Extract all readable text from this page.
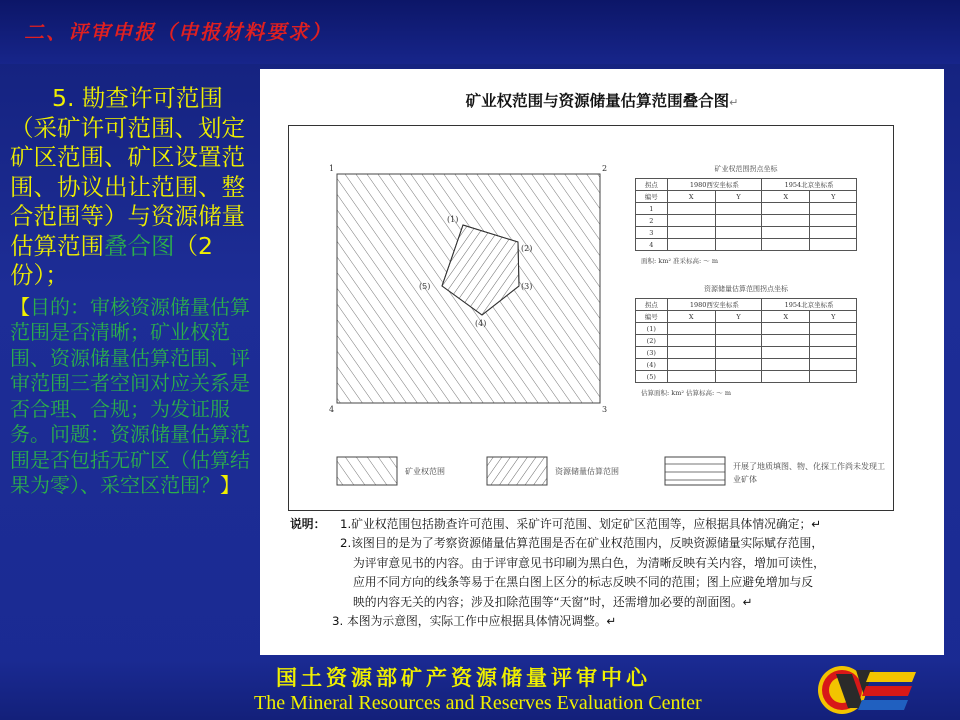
二、评审申报（申报材料要求）
5. 勘查许可范围（采矿许可范围、划定矿区范围、矿区设置范围、协议出让范围、整合范围等）与资源储量估算范围叠合图（2份）；
【目的：审核资源储量估算范围是否清晰；矿业权范围、资源储量估算范围、评审范围三者空间对应关系是否合理、合规；为发证服务。问题：资源储量估算范围是否包括无矿区（估算结果为零）、采空区范围？】
矿业权范围与资源储量估算范围叠合图↵
1	2
3
4
(1)
(2)
(3)
(4)
(5)
矿业权范围拐点坐标
拐点	1980西安坐标系		1954北京坐标系	
编号	X	Y	X	Y
1				
2				
3				
4				
面积: km² 准采标高: ～ m
资源储量估算范围拐点坐标
拐点	1980西安坐标系		1954北京坐标系	
编号	X	Y	X	Y
(1)				
(2)				
(3)				
(4)				
(5)				
估算面积: km² 估算标高: ～ m
矿业权范围	资源储量估算范围
开展了地质填图、物、化探工作尚未发现工业矿体
说明： 1.矿业权范围包括勘查许可范围、采矿许可范围、划定矿区范围等，应根据具体情况确定；↵
2.该图目的是为了考察资源储量估算范围是否在矿业权范围内，反映资源储量实际赋存范围，
为评审意见书的内容。由于评审意见书印刷为黑白色，为清晰反映有关内容，增加可读性，
应用不同方向的线条等易于在黑白图上区分的标志反映不同的范围；图上应避免增加与反
映的内容无关的内容；涉及扣除范围等“天窗”时，还需增加必要的剖面图。↵
3. 本图为示意图，实际工作中应根据具体情况调整。↵
国土资源部矿产资源储量评审中心
The Mineral Resources and Reserves Evaluation Center
